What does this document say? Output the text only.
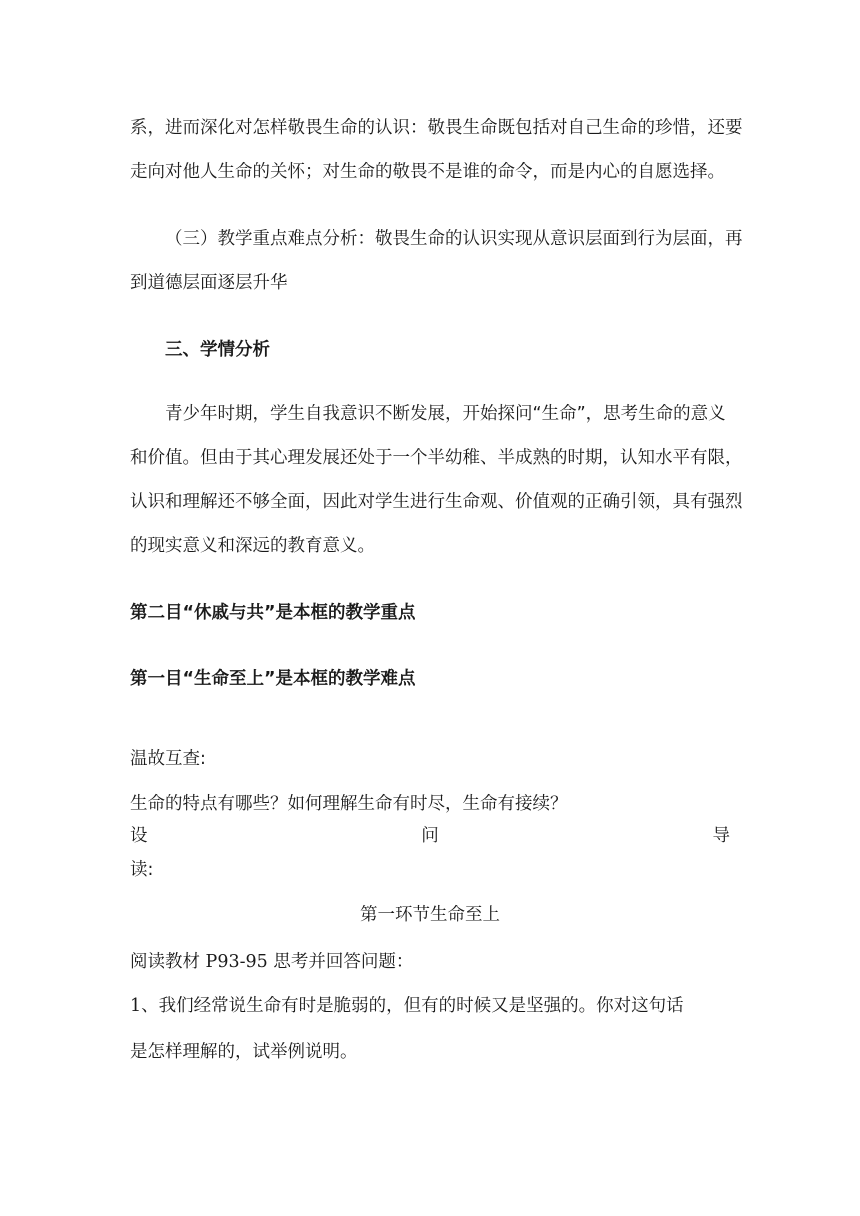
系，进而深化对怎样敬畏生命的认识：敬畏生命既包括对自己生命的珍惜，还要
走向对他人生命的关怀；对生命的敬畏不是谁的命令，而是内心的自愿选择。
（三）教学重点难点分析：敬畏生命的认识实现从意识层面到行为层面，再
到道德层面逐层升华
三、学情分析
青少年时期，学生自我意识不断发展，开始探问“生命”，思考生命的意义
和价值。但由于其心理发展还处于一个半幼稚、半成熟的时期，认知水平有限，
认识和理解还不够全面，因此对学生进行生命观、价值观的正确引领，具有强烈
的现实意义和深远的教育意义。
第二目“休戚与共”是本框的教学重点
第一目“生命至上”是本框的教学难点
温故互查:
生命的特点有哪些？如何理解生命有时尽，生命有接续？
设	问	导
读:
第一环节生命至上
阅读教材 P93-95 思考并回答问题：
1、我们经常说生命有时是脆弱的，但有的时候又是坚强的。你对这句话
是怎样理解的，试举例说明。
